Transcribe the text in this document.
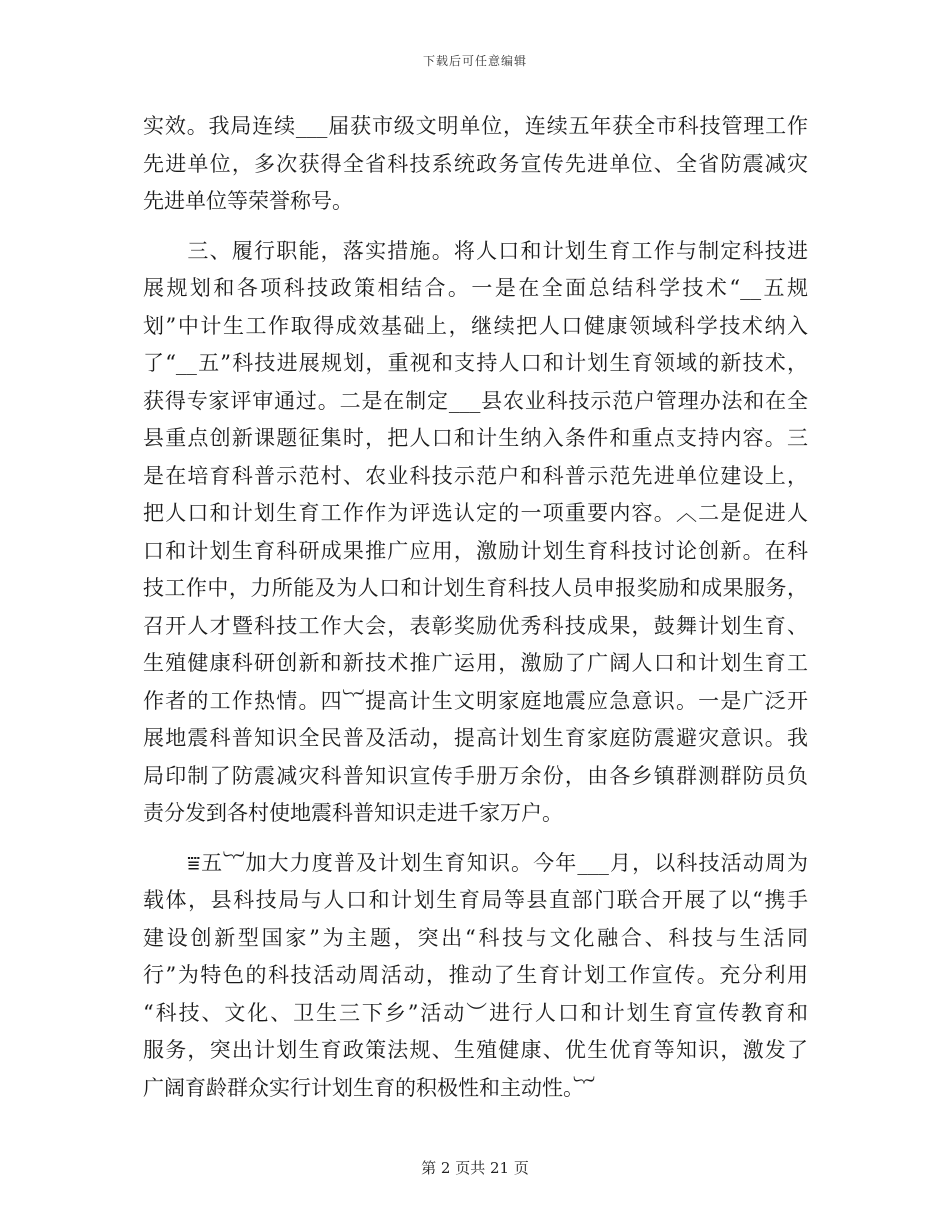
下载后可任意编辑
实效。我局连续___届获市级文明单位，连续五年获全市科技管理工作
先进单位，多次获得全省科技系统政务宣传先进单位、全省防震减灾
先进单位等荣誉称号。
　　三、履行职能，落实措施。将人口和计划生育工作与制定科技进
展规划和各项科技政策相结合。一是在全面总结科学技术“__五规
划”中计生工作取得成效基础上，继续把人口健康领域科学技术纳入
了“__五”科技进展规划，重视和支持人口和计划生育领域的新技术，
获得专家评审通过。二是在制定___县农业科技示范户管理办法和在全
县重点创新课题征集时，把人口和计生纳入条件和重点支持内容。三
是在培育科普示范村、农业科技示范户和科普示范先进单位建设上，
把人口和计划生育工作作为评选认定的一项重要内容。︿二是促进人
口和计划生育科研成果推广应用，激励计划生育科技讨论创新。在科
技工作中，力所能及为人口和计划生育科技人员申报奖励和成果服务，
召开人才暨科技工作大会，表彰奖励优秀科技成果，鼓舞计划生育、
生殖健康科研创新和新技术推广运用，激励了广阔人口和计划生育工
作者的工作热情。四︸提高计生文明家庭地震应急意识。一是广泛开
展地震科普知识全民普及活动，提高计划生育家庭防震避灾意识。我
局印制了防震减灾科普知识宣传手册万余份，由各乡镇群测群防员负
责分发到各村使地震科普知识走进千家万户。
　　⩸五︸加大力度普及计划生育知识。今年___月，以科技活动周为
载体，县科技局与人口和计划生育局等县直部门联合开展了以“携手
建设创新型国家”为主题，突出“科技与文化融合、科技与生活同
行”为特色的科技活动周活动，推动了生育计划工作宣传。充分利用
“科技、文化、卫生三下乡”活动︶进行人口和计划生育宣传教育和
服务，突出计划生育政策法规、生殖健康、优生优育等知识，激发了
广阔育龄群众实行计划生育的积极性和主动性。︸
第 2 页共 21 页
